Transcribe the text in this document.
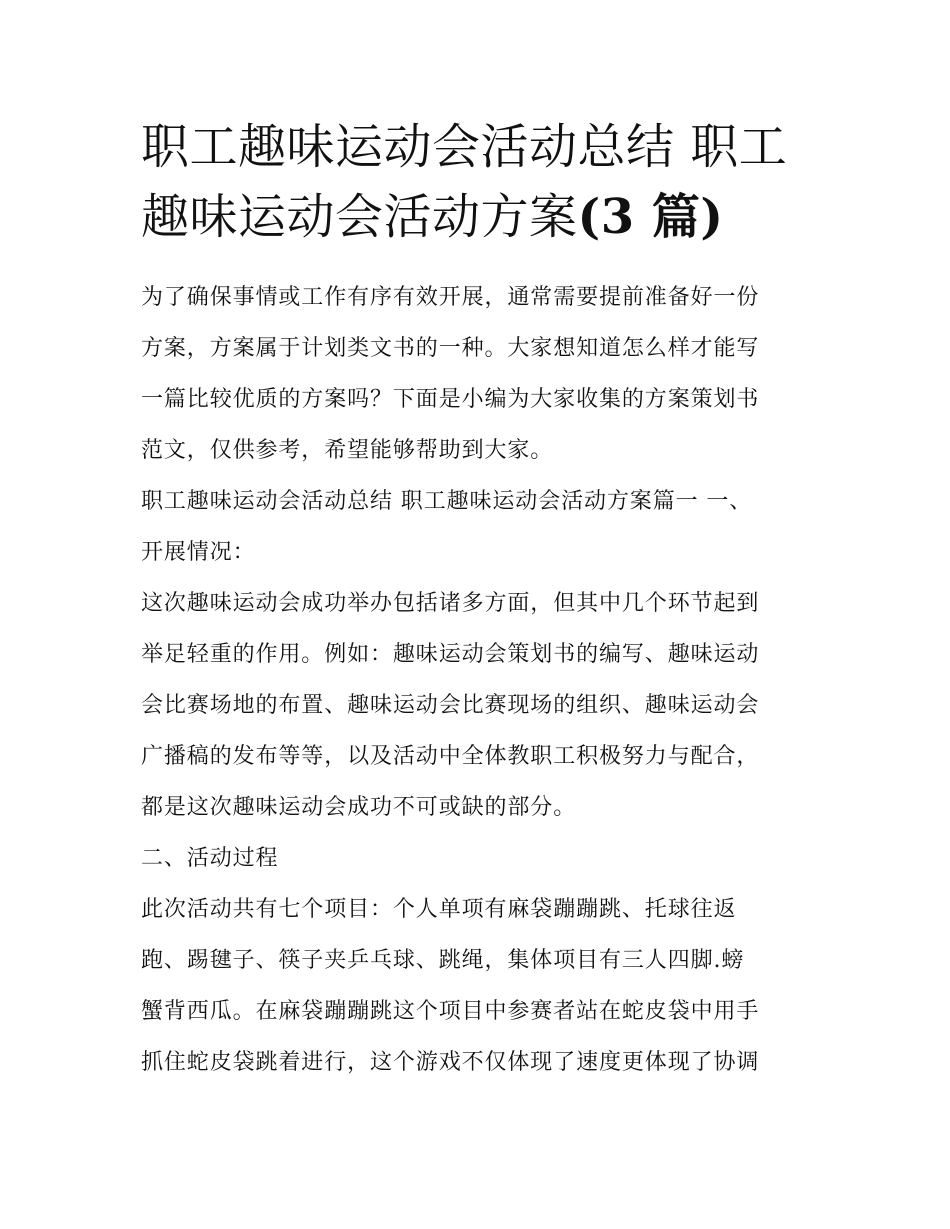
职工趣味运动会活动总结 职工
趣味运动会活动方案(3 篇)

为了确保事情或工作有序有效开展，通常需要提前准备好一份
方案，方案属于计划类文书的一种。大家想知道怎么样才能写
一篇比较优质的方案吗？下面是小编为大家收集的方案策划书
范文，仅供参考，希望能够帮助到大家。

职工趣味运动会活动总结 职工趣味运动会活动方案篇一 一、
开展情况：

这次趣味运动会成功举办包括诸多方面，但其中几个环节起到
举足轻重的作用。例如：趣味运动会策划书的编写、趣味运动
会比赛场地的布置、趣味运动会比赛现场的组织、趣味运动会
广播稿的发布等等，以及活动中全体教职工积极努力与配合，
都是这次趣味运动会成功不可或缺的部分。

二、活动过程

此次活动共有七个项目：个人单项有麻袋蹦蹦跳、托球往返
跑、踢毽子、筷子夹乒乓球、跳绳，集体项目有三人四脚.螃
蟹背西瓜。在麻袋蹦蹦跳这个项目中参赛者站在蛇皮袋中用手
抓住蛇皮袋跳着进行，这个游戏不仅体现了速度更体现了协调
